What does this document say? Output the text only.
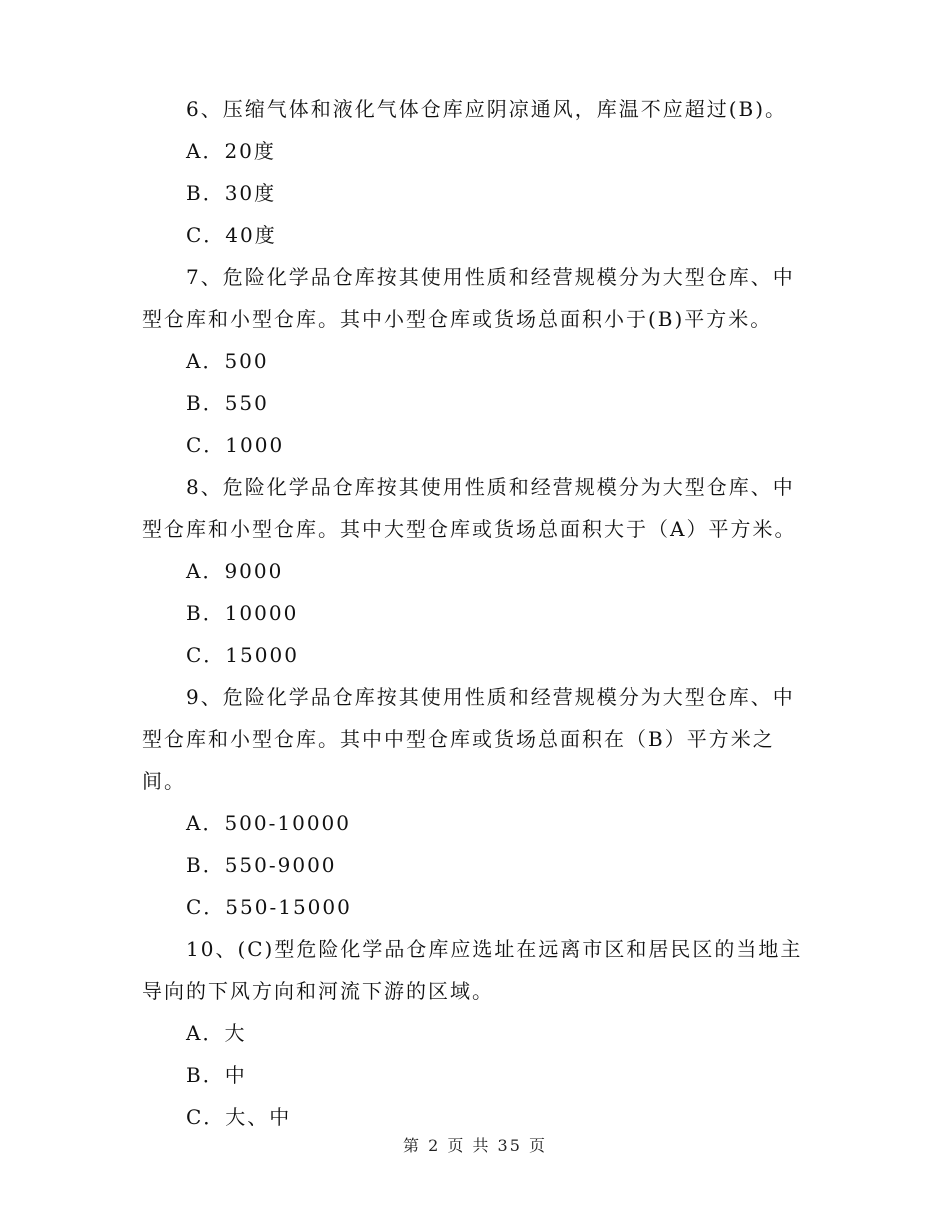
6、压缩气体和液化气体仓库应阴凉通风，库温不应超过(B)。

A．20度

B．30度

C．40度

7、危险化学品仓库按其使用性质和经营规模分为大型仓库、中型仓库和小型仓库。其中小型仓库或货场总面积小于(B)平方米。

A．500

B．550

C．1000

8、危险化学品仓库按其使用性质和经营规模分为大型仓库、中型仓库和小型仓库。其中大型仓库或货场总面积大于（A）平方米。

A．9000

B．10000

C．15000

9、危险化学品仓库按其使用性质和经营规模分为大型仓库、中型仓库和小型仓库。其中中型仓库或货场总面积在（B）平方米之间。

A．500-10000

B．550-9000

C．550-15000

10、(C)型危险化学品仓库应选址在远离市区和居民区的当地主导向的下风方向和河流下游的区域。

A．大

B．中

C．大、中

第 2 页 共 35 页
